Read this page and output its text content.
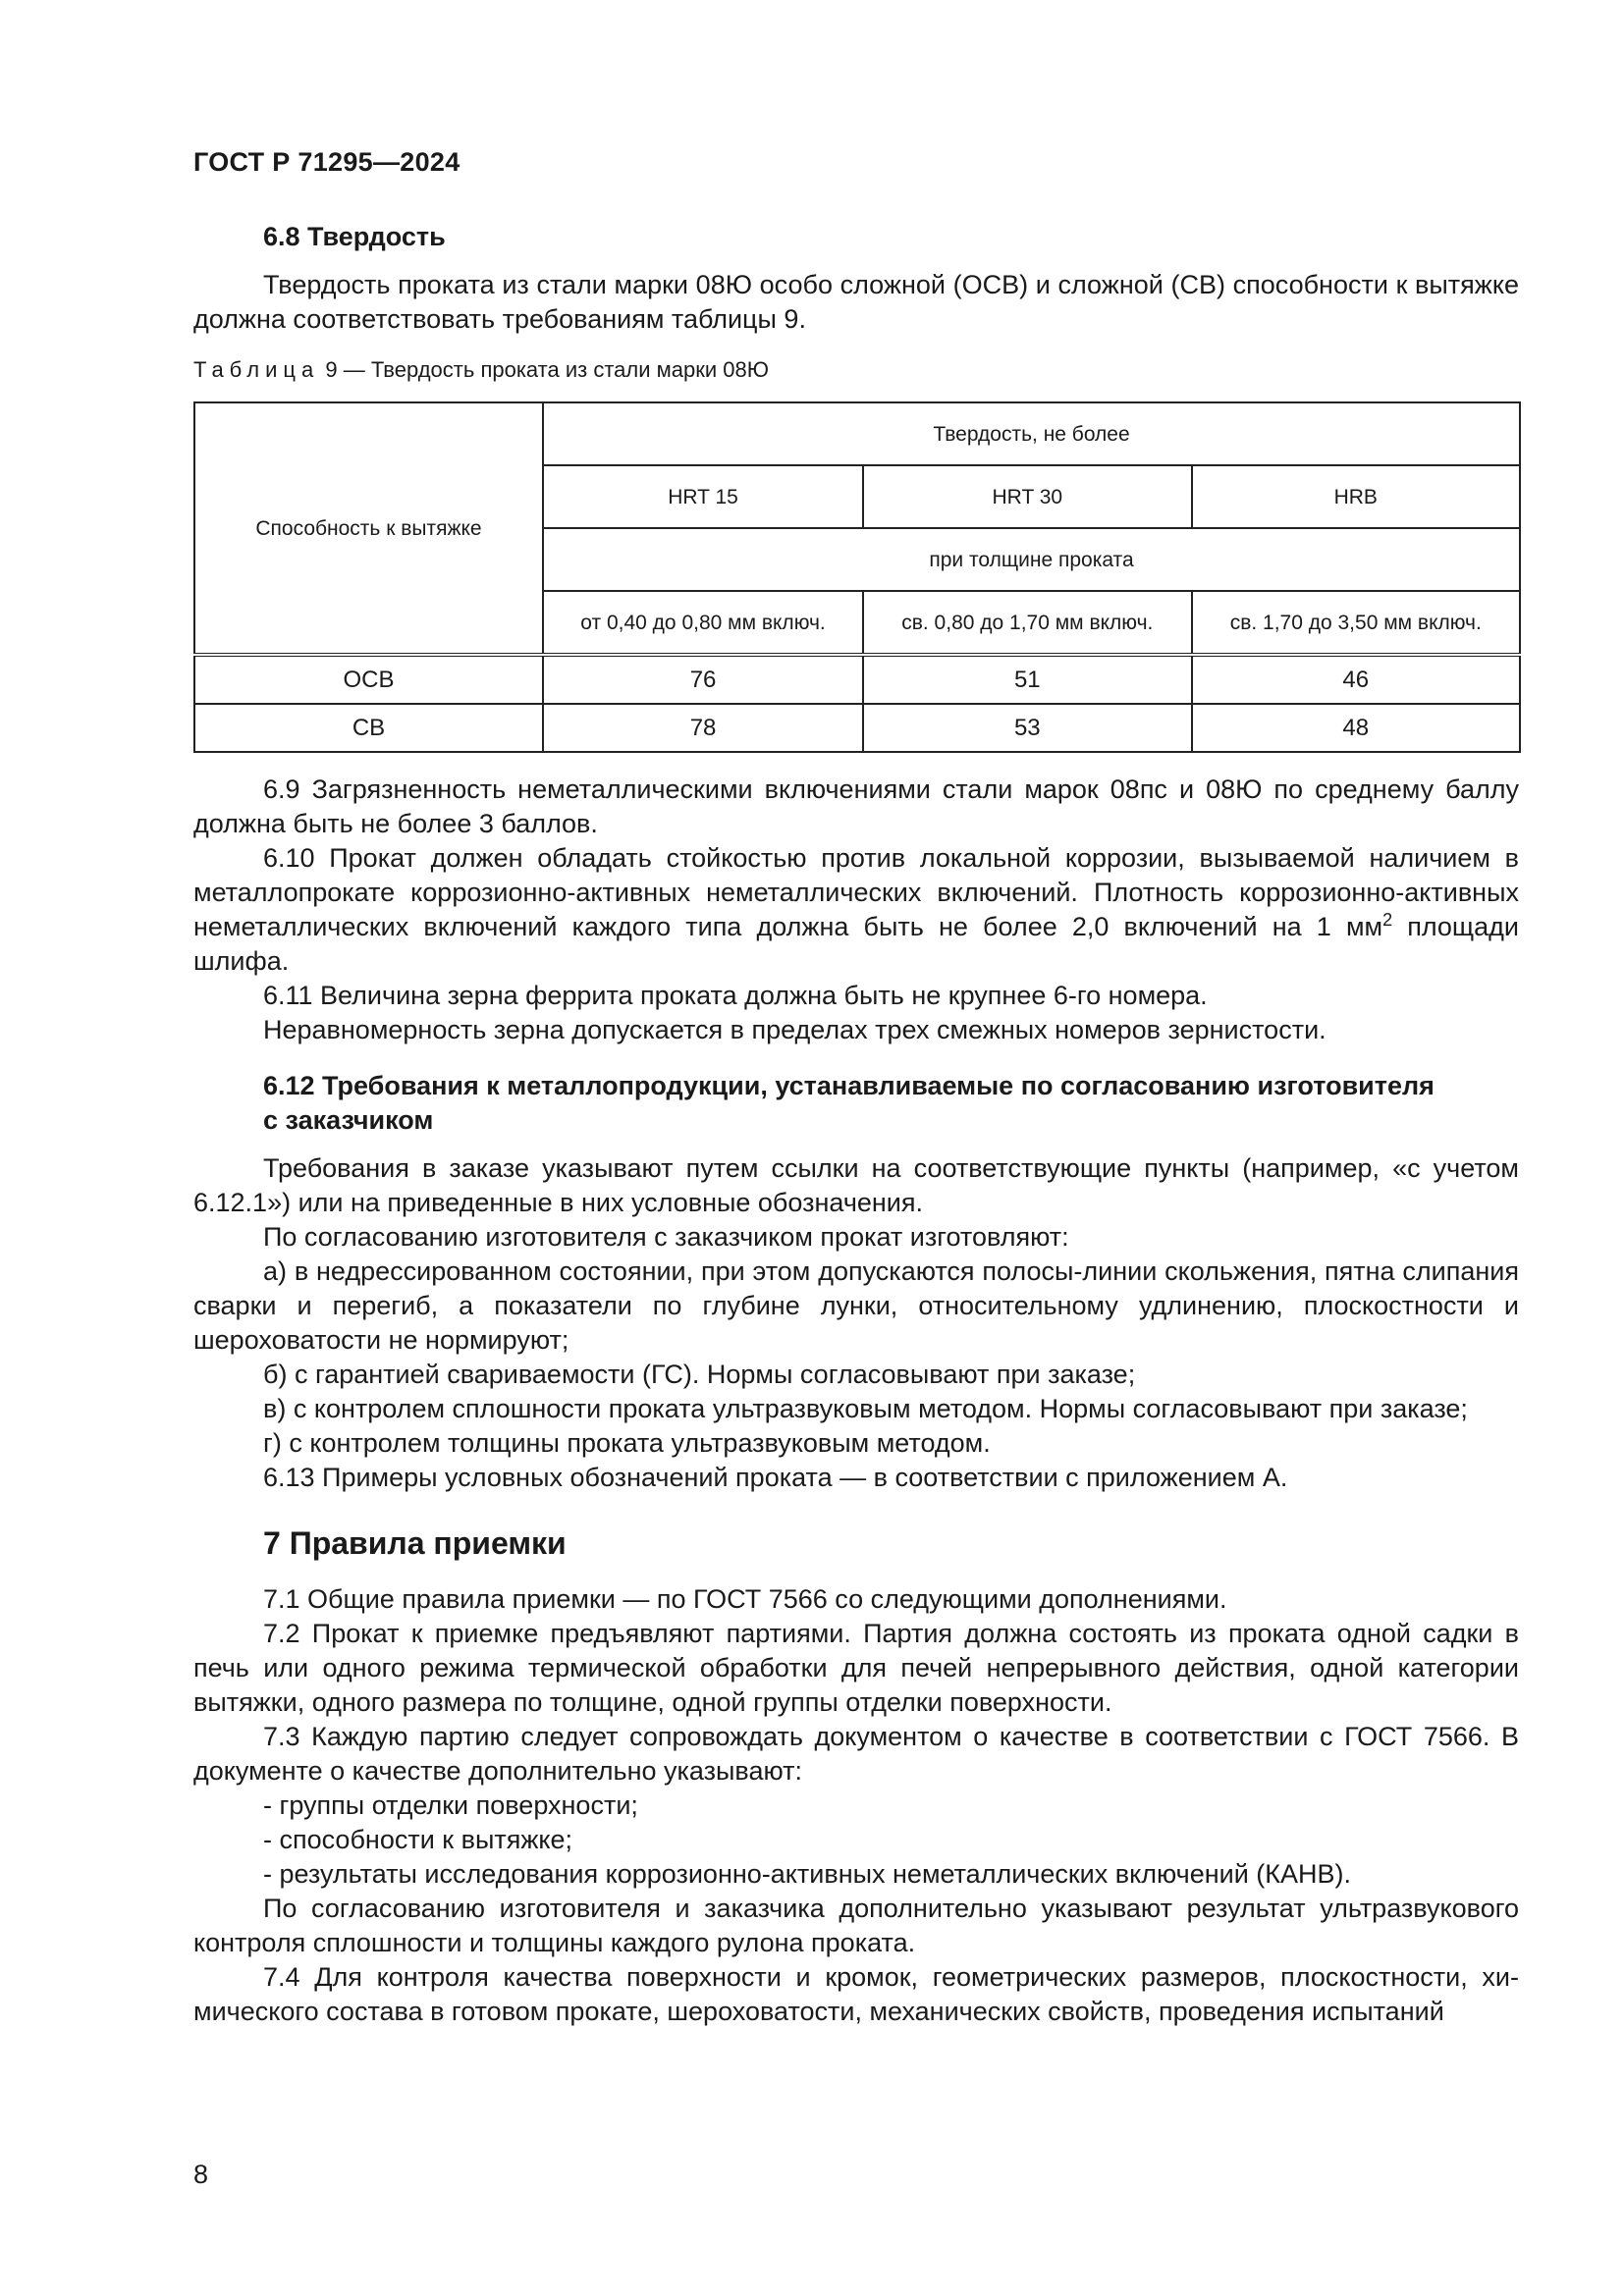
ГОСТ Р 71295—2024
6.8 Твердость

Твердость проката из стали марки 08Ю особо сложной (ОСВ) и сложной (СВ) способности к вытяжке должна соответствовать требованиям таблицы 9.

Таблица 9 — Твердость проката из стали марки 08Ю
Способность к вытяжке	Твердость, не более		
	HRT 15	HRT 30	HRB
	при толщине проката		
	от 0,40 до 0,80 мм включ.	св. 0,80 до 1,70 мм включ.	св. 1,70 до 3,50 мм включ.
ОСВ	76	51	46
СВ	78	53	48

6.9 Загрязненность неметаллическими включениями стали марок 08пс и 08Ю по среднему баллу должна быть не более 3 баллов.

6.10 Прокат должен обладать стойкостью против локальной коррозии, вызываемой наличием в металлопрокате коррозионно-активных неметаллических включений. Плотность коррозионно-активных неметаллических включений каждого типа должна быть не более 2,0 включений на 1 $мм^2$ площади шлифа.

6.11 Величина зерна феррита проката должна быть не крупнее 6-го номера.

Неравномерность зерна допускается в пределах трех смежных номеров зернистости.

6.12 Требования к металлопродукции, устанавливаемые по согласованию изготовителя
с заказчиком

Требования в заказе указывают путем ссылки на соответствующие пункты (например, «с учетом 6.12.1») или на приведенные в них условные обозначения.

По согласованию изготовителя с заказчиком прокат изготовляют:

а) в недрессированном состоянии, при этом допускаются полосы-линии скольжения, пятна слипания сварки и перегиб, а показатели по глубине лунки, относительному удлинению, плоскостности и шероховатости не нормируют;

б) с гарантией свариваемости (ГС). Нормы согласовывают при заказе;

в) с контролем сплошности проката ультразвуковым методом. Нормы согласовывают при заказе;

г) с контролем толщины проката ультразвуковым методом.

6.13 Примеры условных обозначений проката — в соответствии с приложением А.

7 Правила приемки

7.1 Общие правила приемки — по ГОСТ 7566 со следующими дополнениями.

7.2 Прокат к приемке предъявляют партиями. Партия должна состоять из проката одной садки в печь или одного режима термической обработки для печей непрерывного действия, одной категории вытяжки, одного размера по толщине, одной группы отделки поверхности.

7.3 Каждую партию следует сопровождать документом о качестве в соответствии с ГОСТ 7566. В документе о качестве дополнительно указывают:

- группы отделки поверхности;
- способности к вытяжке;
- результаты исследования коррозионно-активных неметаллических включений (КАНВ).

По согласованию изготовителя и заказчика дополнительно указывают результат ультразвукового контроля сплошности и толщины каждого рулона проката.

7.4 Для контроля качества поверхности и кромок, геометрических размеров, плоскостности, химического состава в готовом прокате, шероховатости, механических свойств, проведения испытаний

8
